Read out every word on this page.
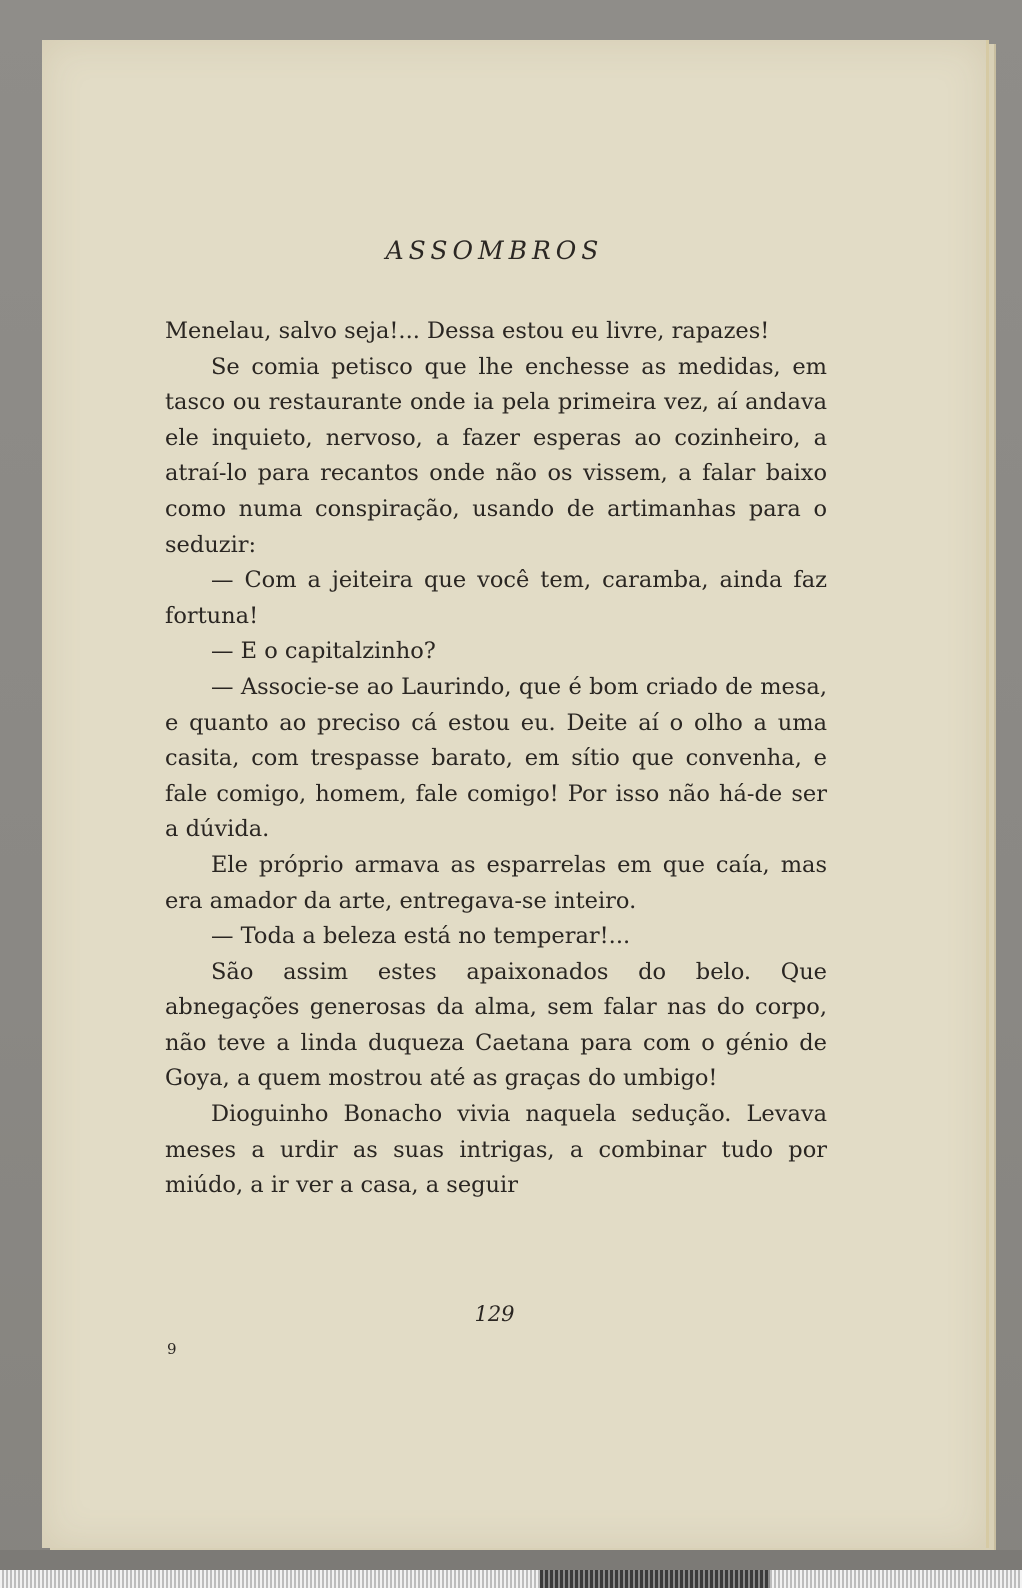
ASSOMBROS

Menelau, salvo seja!... Dessa estou eu livre, rapazes!

Se comia petisco que lhe enchesse as medidas, em tasco ou restaurante onde ia pela primeira vez, aí andava ele inquieto, nervoso, a fazer esperas ao cozinheiro, a atraí-lo para recantos onde não os vissem, a falar baixo como numa conspiração, usando de artimanhas para o seduzir:

— Com a jeiteira que você tem, caramba, ainda faz fortuna!

— E o capitalzinho?

— Associe-se ao Laurindo, que é bom criado de mesa, e quanto ao preciso cá estou eu. Deite aí o olho a uma casita, com trespasse barato, em sítio que convenha, e fale comigo, homem, fale comigo! Por isso não há-de ser a dúvida.

Ele próprio armava as esparrelas em que caía, mas era amador da arte, entregava-se inteiro.

— Toda a beleza está no temperar!...

São assim estes apaixonados do belo. Que abnegações generosas da alma, sem falar nas do corpo, não teve a linda duqueza Caetana para com o génio de Goya, a quem mostrou até as graças do umbigo!

Dioguinho Bonacho vivia naquela sedução. Levava meses a urdir as suas intrigas, a combinar tudo por miúdo, a ir ver a casa, a seguir

129
9
